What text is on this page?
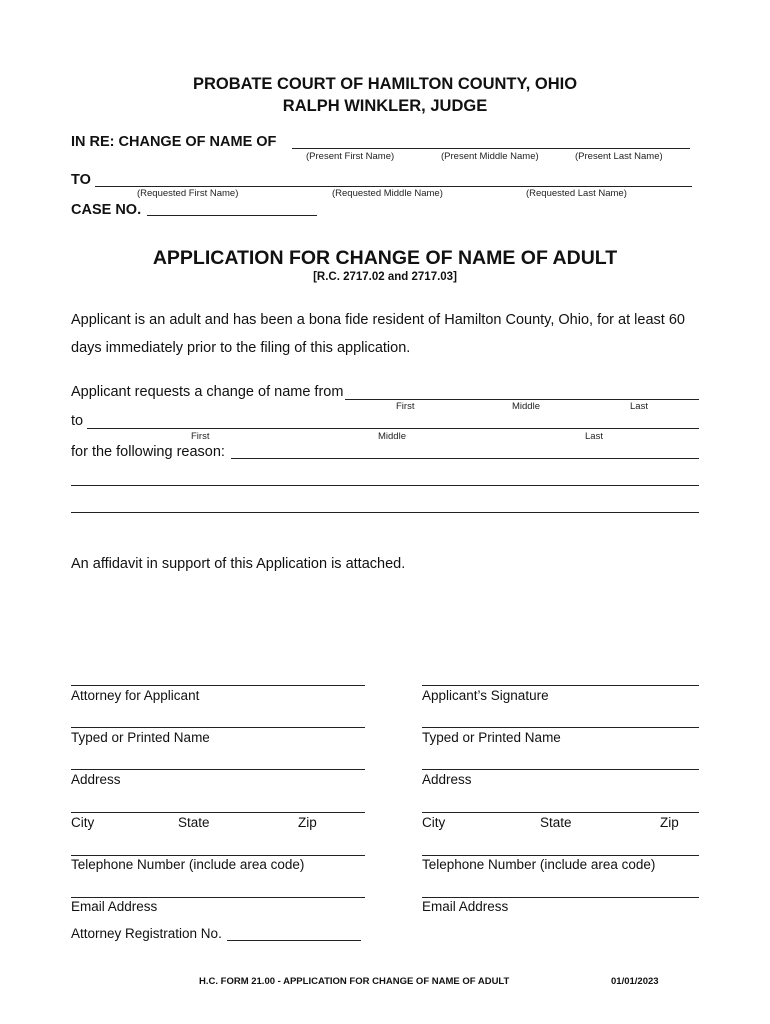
PROBATE COURT OF HAMILTON COUNTY, OHIO
RALPH WINKLER, JUDGE
IN RE: CHANGE OF NAME OF
(Present First Name)	(Present Middle Name)	(Present Last Name)
TO
(Requested First Name)	(Requested Middle Name)	(Requested Last Name)
CASE NO.
APPLICATION FOR CHANGE OF NAME OF ADULT
[R.C. 2717.02 and 2717.03]
Applicant is an adult and has been a bona fide resident of Hamilton County, Ohio, for at least 60
days immediately prior to the filing of this application.
Applicant requests a change of name from
First	Middle	Last
to
First	Middle	Last
for the following reason:
An affidavit in support of this Application is attached.
Attorney for Applicant
Typed or Printed Name
Address
City	State	Zip
Telephone Number (include area code)
Email Address
Attorney Registration No.
Applicant’s Signature
Typed or Printed Name
Address
City	State	Zip
Telephone Number (include area code)
Email Address
H.C. FORM 21.00 - APPLICATION FOR CHANGE OF NAME OF ADULT	01/01/2023
